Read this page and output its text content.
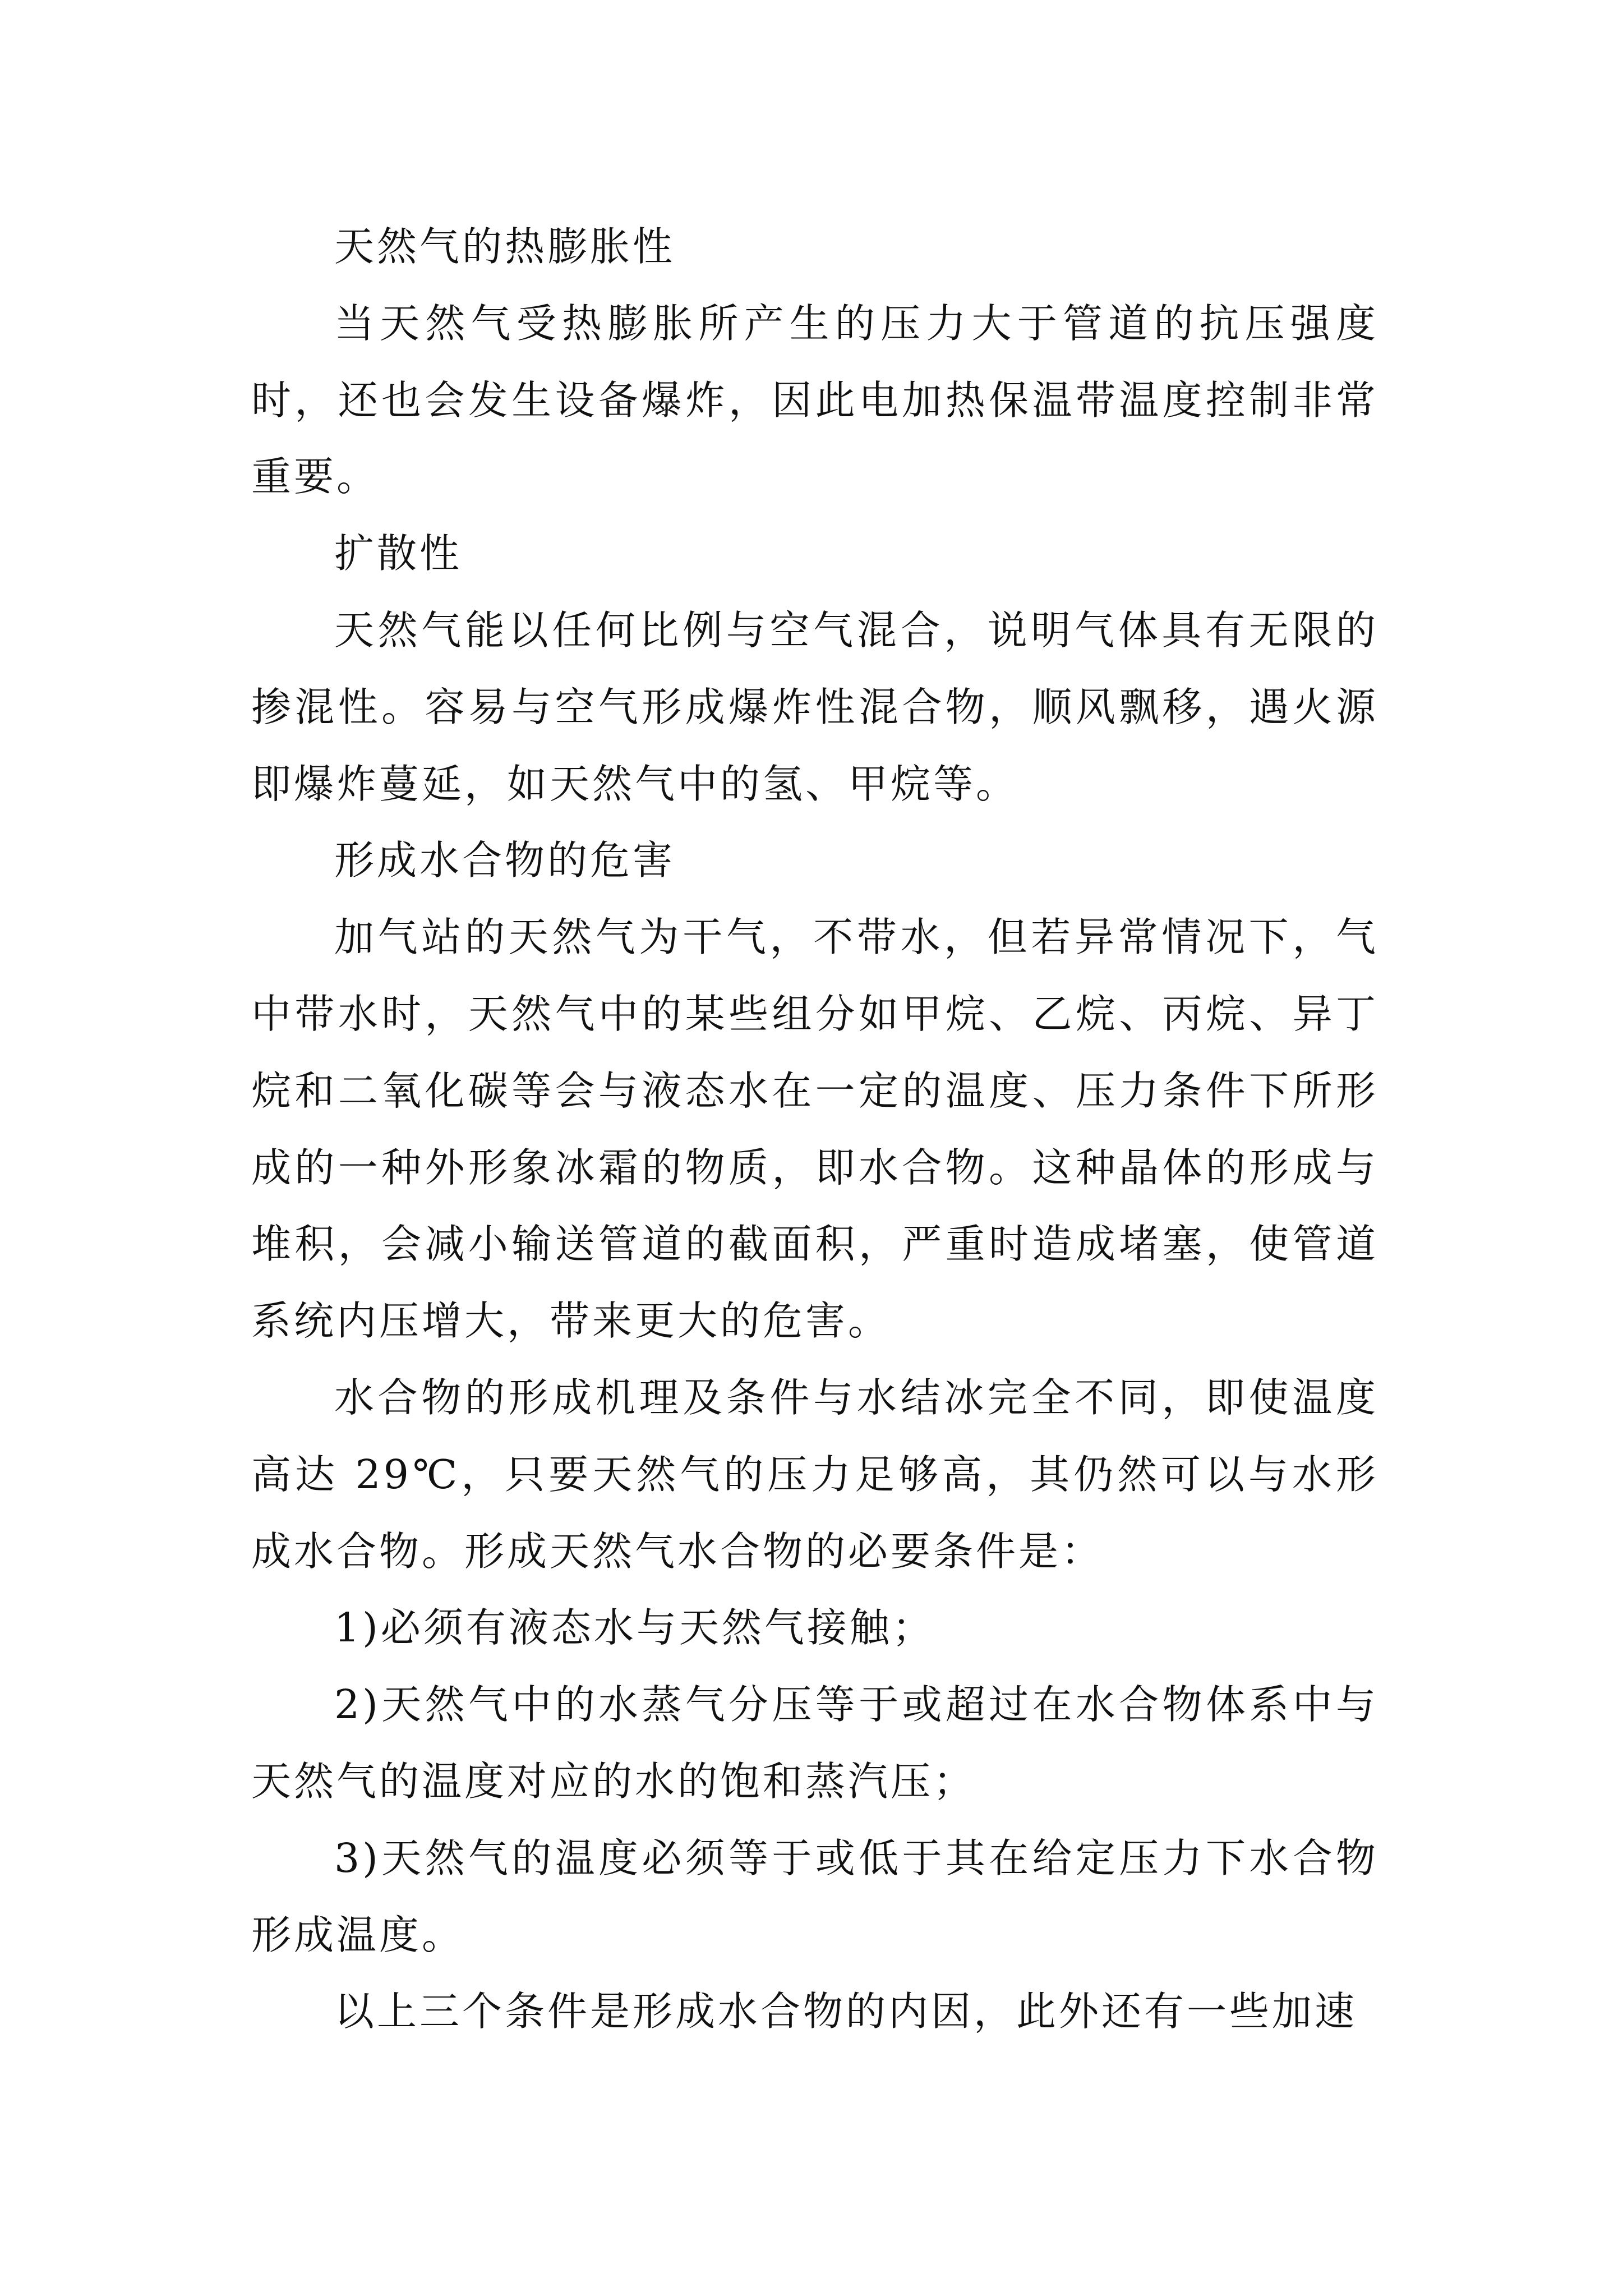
天然气的热膨胀性

当天然气受热膨胀所产生的压力大于管道的抗压强度时，还也会发生设备爆炸，因此电加热保温带温度控制非常重要。

扩散性

天然气能以任何比例与空气混合，说明气体具有无限的掺混性。容易与空气形成爆炸性混合物，顺风飘移，遇火源即爆炸蔓延，如天然气中的氢、甲烷等。

形成水合物的危害

加气站的天然气为干气，不带水，但若异常情况下，气中带水时，天然气中的某些组分如甲烷、乙烷、丙烷、异丁烷和二氧化碳等会与液态水在一定的温度、压力条件下所形成的一种外形象冰霜的物质，即水合物。这种晶体的形成与堆积，会减小输送管道的截面积，严重时造成堵塞，使管道系统内压增大，带来更大的危害。

水合物的形成机理及条件与水结冰完全不同，即使温度高达 29℃，只要天然气的压力足够高，其仍然可以与水形成水合物。形成天然气水合物的必要条件是：

1)必须有液态水与天然气接触；

2)天然气中的水蒸气分压等于或超过在水合物体系中与天然气的温度对应的水的饱和蒸汽压；

3)天然气的温度必须等于或低于其在给定压力下水合物形成温度。

以上三个条件是形成水合物的内因，此外还有一些加速
